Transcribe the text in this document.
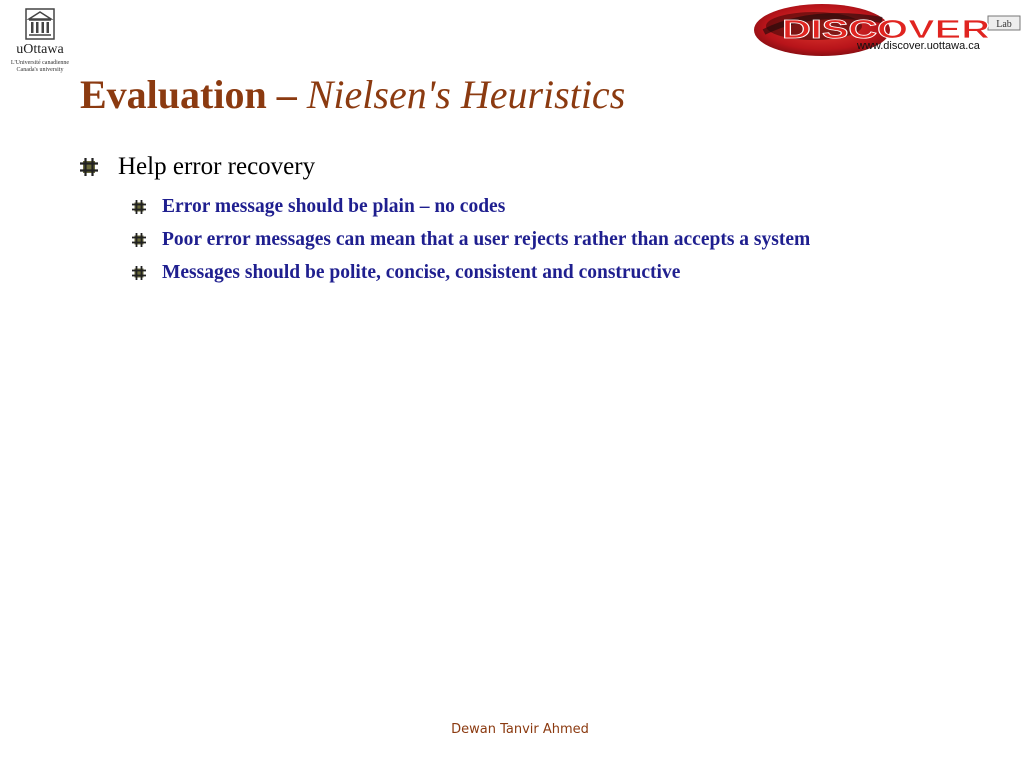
uOttawa
L'Université canadienne
Canada's university
Lab
DISCOVER
www.discover.uottawa.ca
Evaluation – Nielsen's Heuristics
Help error recovery
Error message should be plain – no codes
Poor error messages can mean that a user rejects rather than accepts a system
Messages should be polite, concise, consistent and constructive
Dewan Tanvir Ahmed
